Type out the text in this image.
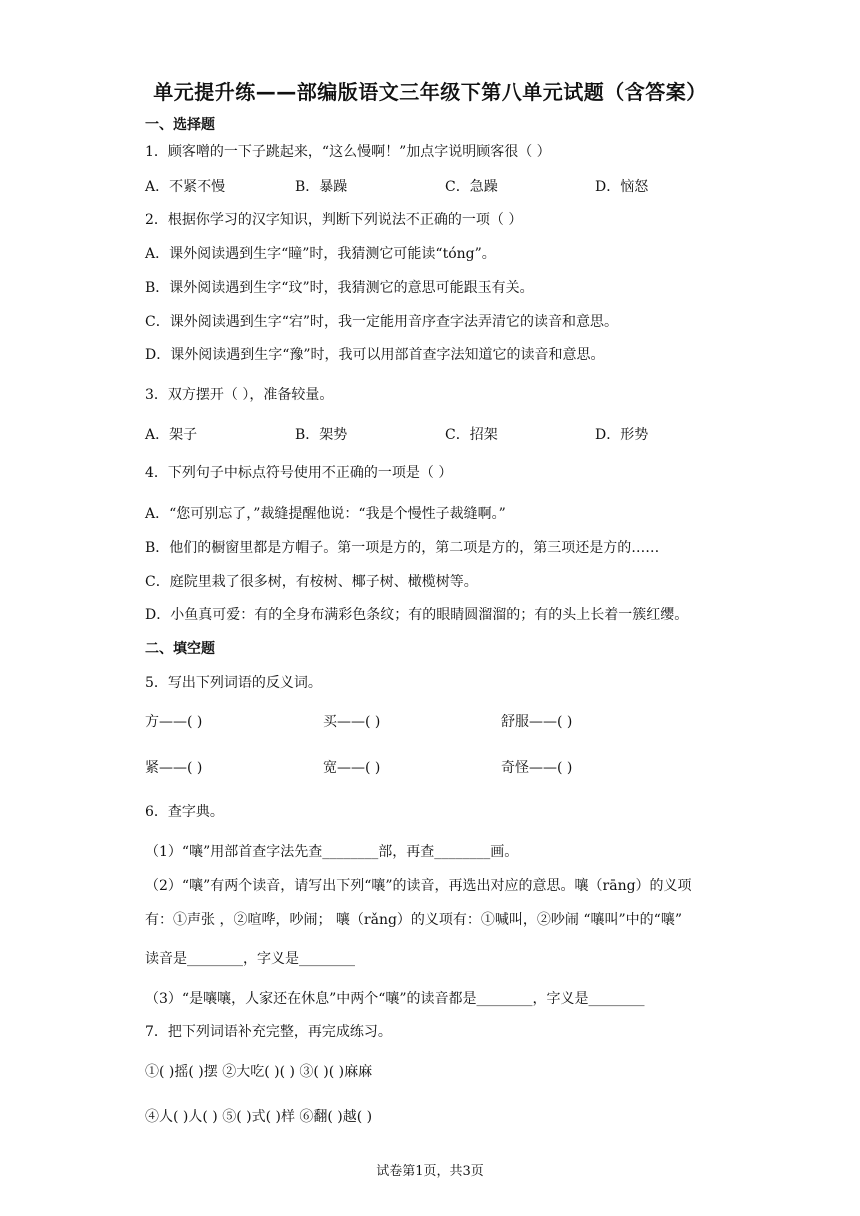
单元提升练——部编版语文三年级下第八单元试题（含答案）
一、选择题
1．顾客噌的一下子跳起来，“这么慢啊！”加点字说明顾客很（ ）
A．不紧不慢	B．暴躁	C．急躁	D．恼怒
2．根据你学习的汉字知识，判断下列说法不正确的一项（ ）
A．课外阅读遇到生字“瞳”时，我猜测它可能读“tóng”。
B．课外阅读遇到生字“玟”时，我猜测它的意思可能跟玉有关。
C．课外阅读遇到生字“宕”时，我一定能用音序查字法弄清它的读音和意思。
D．课外阅读遇到生字“豫”时，我可以用部首查字法知道它的读音和意思。
3．双方摆开（ ），准备较量。
A．架子	B．架势	C．招架	D．形势
4．下列句子中标点符号使用不正确的一项是（ ）
A．“您可别忘了，”裁缝提醒他说：“我是个慢性子裁缝啊。”
B．他们的橱窗里都是方帽子。第一项是方的，第二项是方的，第三项还是方的……
C．庭院里栽了很多树，有桉树、椰子树、橄榄树等。
D．小鱼真可爱：有的全身布满彩色条纹；有的眼睛圆溜溜的；有的头上长着一簇红缨。
二、填空题
5．写出下列词语的反义词。
方——( )	买——( )	舒服——( )
紧——( )	宽——( )	奇怪——( )
6．查字典。
（1）“嚷”用部首查字法先查________部，再查________画。
（2）“嚷”有两个读音，请写出下列“嚷”的读音，再选出对应的意思。嚷（rāng）的义项
有：①声张 ，②喧哗，吵闹； 嚷（rǎng）的义项有：①喊叫，②吵闹 “嚷叫”中的“嚷”
读音是________，字义是________
（3）“是嚷嚷，人家还在休息”中两个“嚷”的读音都是________，字义是________
7．把下列词语补充完整，再完成练习。
①( )摇( )摆 ②大吃( )( ) ③( )( )麻麻
④人( )人( ) ⑤( )式( )样 ⑥翻( )越( )
试卷第1页，共3页
